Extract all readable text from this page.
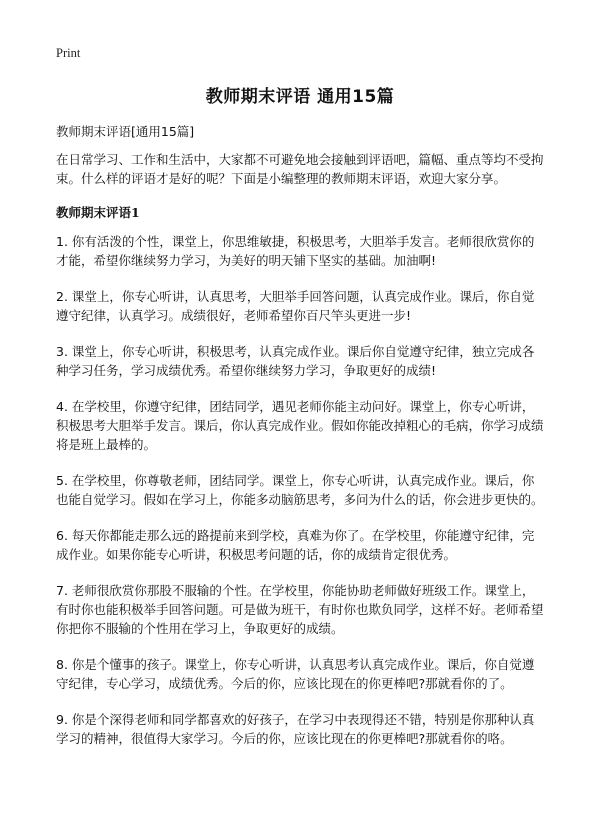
Print
教师期末评语 通用15篇
教师期末评语[通用15篇]

在日常学习、工作和生活中，大家都不可避免地会接触到评语吧，篇幅、重点等均不受拘束。什么样的评语才是好的呢？下面是小编整理的教师期末评语，欢迎大家分享。

教师期末评语1

1. 你有活泼的个性，课堂上，你思维敏捷，积极思考，大胆举手发言。老师很欣赏你的才能，希望你继续努力学习，为美好的明天铺下坚实的基础。加油啊!

2. 课堂上，你专心听讲，认真思考，大胆举手回答问题，认真完成作业。课后，你自觉遵守纪律，认真学习。成绩很好，老师希望你百尺竿头更进一步!

3. 课堂上，你专心听讲，积极思考，认真完成作业。课后你自觉遵守纪律，独立完成各种学习任务，学习成绩优秀。希望你继续努力学习，争取更好的成绩!

4. 在学校里，你遵守纪律，团结同学，遇见老师你能主动问好。课堂上，你专心听讲，积极思考大胆举手发言。课后，你认真完成作业。假如你能改掉粗心的毛病，你学习成绩将是班上最棒的。

5. 在学校里，你尊敬老师，团结同学。课堂上，你专心听讲，认真完成作业。课后，你也能自觉学习。假如在学习上，你能多动脑筋思考，多问为什么的话，你会进步更快的。

6. 每天你都能走那么远的路提前来到学校，真难为你了。在学校里，你能遵守纪律，完成作业。如果你能专心听讲，积极思考问题的话，你的成绩肯定很优秀。

7. 老师很欣赏你那股不服输的个性。在学校里，你能协助老师做好班级工作。课堂上，有时你也能积极举手回答问题。可是做为班干，有时你也欺负同学，这样不好。老师希望你把你不服输的个性用在学习上，争取更好的成绩。

8. 你是个懂事的孩子。课堂上，你专心听讲，认真思考认真完成作业。课后，你自觉遵守纪律，专心学习，成绩优秀。今后的你，应该比现在的你更棒吧?那就看你的了。

9. 你是个深得老师和同学都喜欢的好孩子，在学习中表现得还不错，特别是你那种认真学习的精神，很值得大家学习。今后的你，应该比现在的你更棒吧?那就看你的咯。
